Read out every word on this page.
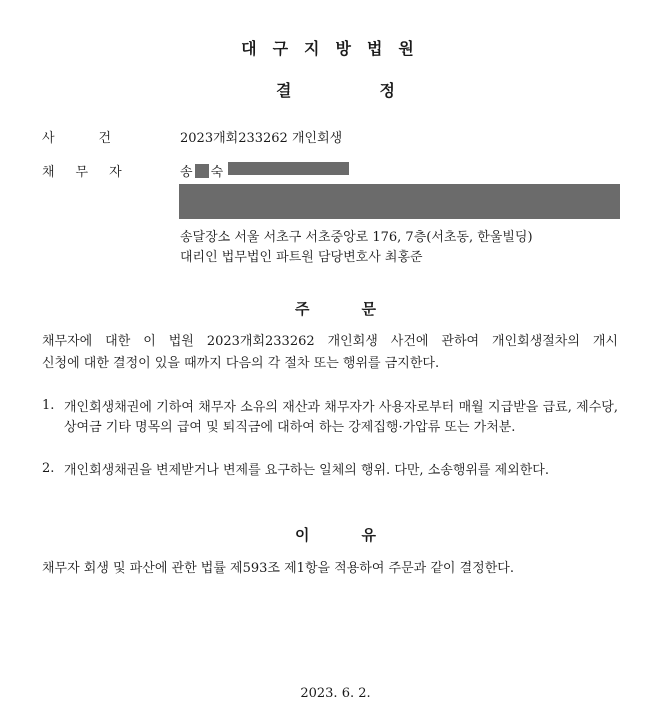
대구지방법원
결정
사건 2023개회233262 개인회생
채무자	송 숙
송달장소 서울 서초구 서초중앙로 176, 7층(서초동, 한울빌딩)
대리인 법무법인 파트원 담당변호사 최홍준
주문
채무자에 대한 이 법원 2023개회233262 개인회생 사건에 관하여 개인회생절차의 개시
신청에 대한 결정이 있을 때까지 다음의 각 절차 또는 행위를 금지한다.
1. 개인회생채권에 기하여 채무자 소유의 재산과 채무자가 사용자로부터 매월 지급받을 급료, 제수당, 상여금 기타 명목의 급여 및 퇴직금에 대하여 하는 강제집행·가압류 또는 가처분.
2. 개인회생채권을 변제받거나 변제를 요구하는 일체의 행위. 다만, 소송행위를 제외한다.
이유
채무자 회생 및 파산에 관한 법률 제593조 제1항을 적용하여 주문과 같이 결정한다.
2023. 6. 2.
